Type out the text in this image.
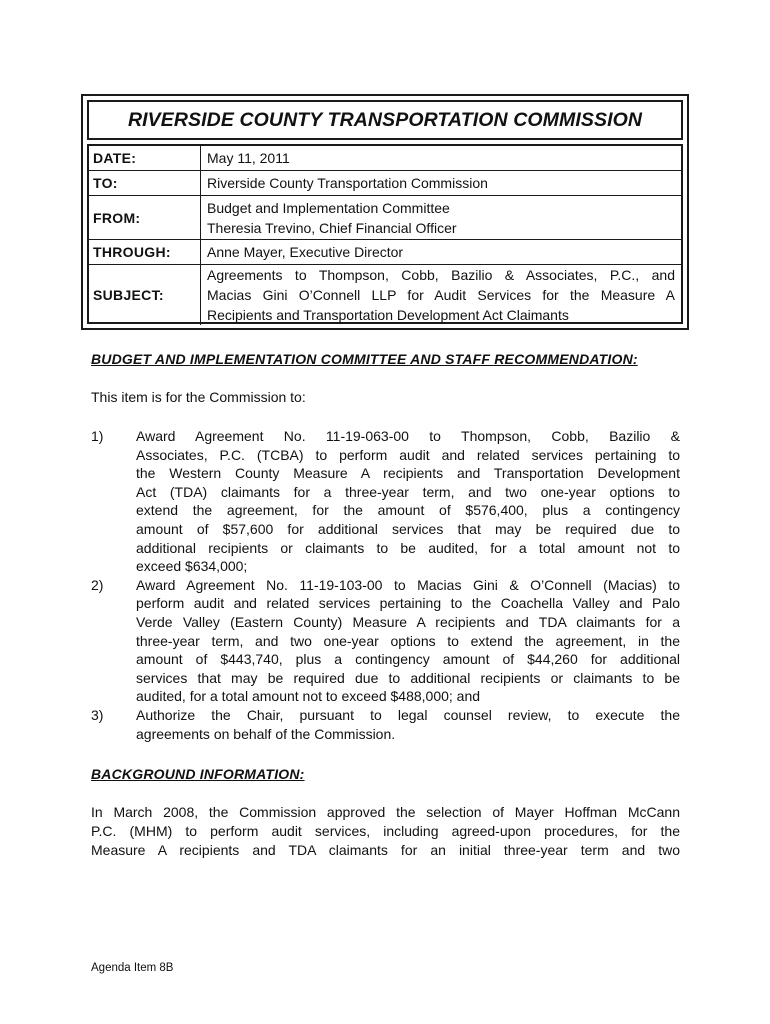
RIVERSIDE COUNTY TRANSPORTATION COMMISSION
DATE:	May 11, 2011
TO:	Riverside County Transportation Commission
FROM:
Budget and Implementation Committee
Theresia Trevino, Chief Financial Officer
THROUGH:	Anne Mayer, Executive Director
SUBJECT:
Agreements to Thompson, Cobb, Bazilio & Associates, P.C., and
Macias Gini O’Connell LLP for Audit Services for the Measure A
Recipients and Transportation Development Act Claimants
BUDGET AND IMPLEMENTATION COMMITTEE AND STAFF RECOMMENDATION:
This item is for the Commission to:
1)	Award Agreement No. 11-19-063-00 to Thompson, Cobb, Bazilio &
Associates, P.C. (TCBA) to perform audit and related services pertaining to
the Western County Measure A recipients and Transportation Development
Act (TDA) claimants for a three-year term, and two one-year options to
extend the agreement, for the amount of $576,400, plus a contingency
amount of $57,600 for additional services that may be required due to
additional recipients or claimants to be audited, for a total amount not to
exceed $634,000;
2)	Award Agreement No. 11-19-103-00 to Macias Gini & O’Connell (Macias) to
perform audit and related services pertaining to the Coachella Valley and Palo
Verde Valley (Eastern County) Measure A recipients and TDA claimants for a
three-year term, and two one-year options to extend the agreement, in the
amount of $443,740, plus a contingency amount of $44,260 for additional
services that may be required due to additional recipients or claimants to be
audited, for a total amount not to exceed $488,000; and
3)	Authorize the Chair, pursuant to legal counsel review, to execute the
agreements on behalf of the Commission.
BACKGROUND INFORMATION:
In March 2008, the Commission approved the selection of Mayer Hoffman McCann
P.C. (MHM) to perform audit services, including agreed-upon procedures, for the
Measure A recipients and TDA claimants for an initial three-year term and two
Agenda Item 8B
